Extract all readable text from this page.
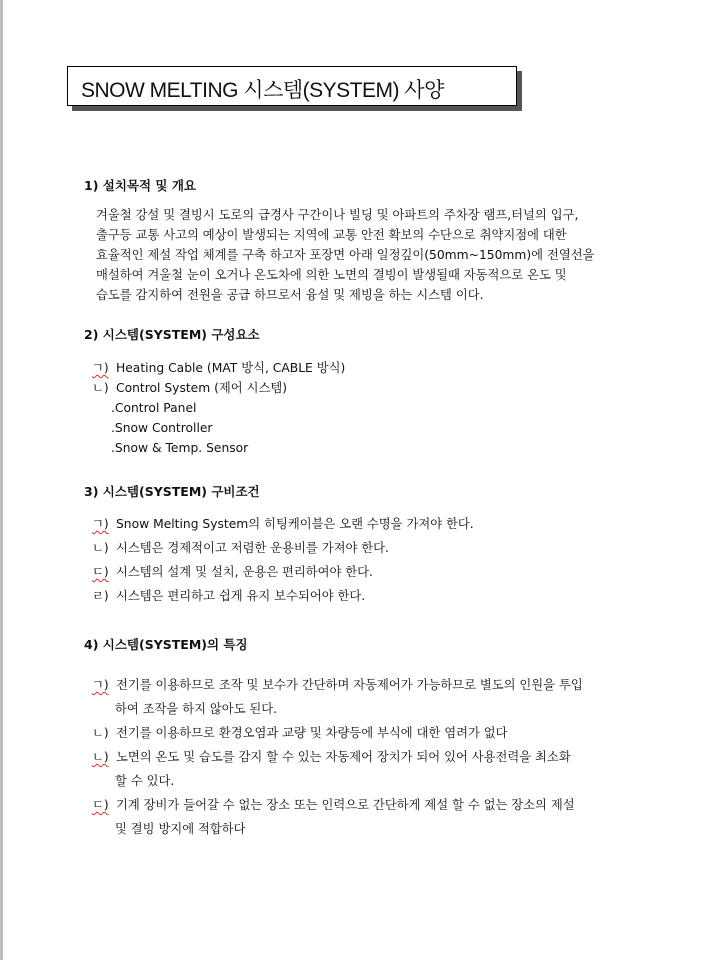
SNOW MELTING 시스템(SYSTEM) 사양
1) 설치목적 및 개요

겨울철 강설 및 결빙시 도로의 급경사 구간이나 빌딩 및 아파트의 주차장 램프,터널의 입구,

출구등 교통 사고의 예상이 발생되는 지역에 교통 안전 확보의 수단으로 취약지점에 대한

효율적인 제설 작업 체계를 구축 하고자 포장면 아래 일정깊이(50mm~150mm)에 전열선을

매설하여 겨울철 눈이 오거나 온도차에 의한 노면의 결빙이 발생될때 자동적으로 온도 및

습도를 감지하여 전원을 공급 하므로서 융설 및 제빙을 하는 시스템 이다.

2) 시스템(SYSTEM) 구성요소
ㄱ) Heating Cable (MAT 방식, CABLE 방식)
ㄴ) Control System (제어 시스템)
.Control Panel
.Snow Controller
.Snow & Temp. Sensor
3) 시스템(SYSTEM) 구비조건
ㄱ) Snow Melting System의 히팅케이블은 오랜 수명을 가져야 한다.
ㄴ) 시스템은 경제적이고 저렴한 운용비를 가져야 한다.
ㄷ) 시스템의 설계 및 설치, 운용은 편리하여야 한다.
ㄹ) 시스템은 편리하고 쉽게 유지 보수되어야 한다.
4) 시스템(SYSTEM)의 특징
ㄱ) 전기를 이용하므로 조작 및 보수가 간단하며 자동제어가 가능하므로 별도의 인원을 투입
하여 조작을 하지 않아도 된다.
ㄴ) 전기를 이용하므로 환경오염과 교량 및 차량등에 부식에 대한 염려가 없다
ㄴ) 노면의 온도 및 습도를 감지 할 수 있는 자동제어 장치가 되어 있어 사용전력을 최소화
할 수 있다.
ㄷ) 기계 장비가 들어갈 수 없는 장소 또는 인력으로 간단하게 제설 할 수 없는 장소의 제설
및 결빙 방지에 적합하다
